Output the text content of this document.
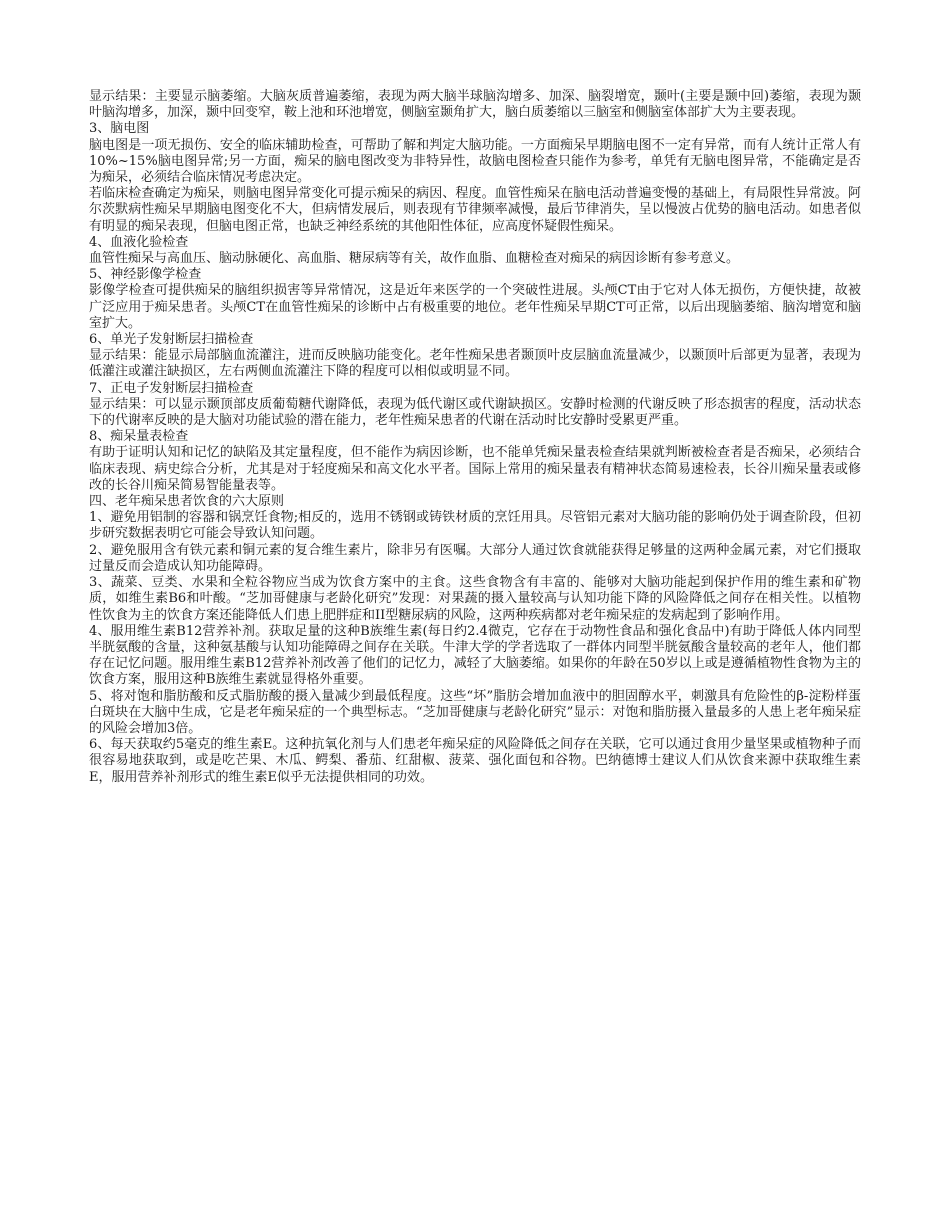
显示结果：主要显示脑萎缩。大脑灰质普遍萎缩，表现为两大脑半球脑沟增多、加深、脑裂增宽，颞叶(主要是颞中回)萎缩，表现为颞叶脑沟增多，加深，颞中回变窄，鞍上池和环池增宽，侧脑室颞角扩大，脑白质萎缩以三脑室和侧脑室体部扩大为主要表现。

3、脑电图

脑电图是一项无损伤、安全的临床辅助检查，可帮助了解和判定大脑功能。一方面痴呆早期脑电图不一定有异常，而有人统计正常人有10%~15%脑电图异常;另一方面，痴呆的脑电图改变为非特异性，故脑电图检查只能作为参考，单凭有无脑电图异常，不能确定是否为痴呆，必须结合临床情况考虑决定。

若临床检查确定为痴呆，则脑电图异常变化可提示痴呆的病因、程度。血管性痴呆在脑电活动普遍变慢的基础上，有局限性异常波。阿尔茨默病性痴呆早期脑电图变化不大，但病情发展后，则表现有节律频率减慢，最后节律消失，呈以慢波占优势的脑电活动。如患者似有明显的痴呆表现，但脑电图正常，也缺乏神经系统的其他阳性体征，应高度怀疑假性痴呆。

4、血液化验检查

血管性痴呆与高血压、脑动脉硬化、高血脂、糖尿病等有关，故作血脂、血糖检查对痴呆的病因诊断有参考意义。

5、神经影像学检查

影像学检查可提供痴呆的脑组织损害等异常情况，这是近年来医学的一个突破性进展。头颅CT由于它对人体无损伤，方便快捷，故被广泛应用于痴呆患者。头颅CT在血管性痴呆的诊断中占有极重要的地位。老年性痴呆早期CT可正常，以后出现脑萎缩、脑沟增宽和脑室扩大。

6、单光子发射断层扫描检查

显示结果：能显示局部脑血流灌注，进而反映脑功能变化。老年性痴呆患者颞顶叶皮层脑血流量减少，以颞顶叶后部更为显著，表现为低灌注或灌注缺损区，左右两侧血流灌注下降的程度可以相似或明显不同。

7、正电子发射断层扫描检查

显示结果：可以显示颞顶部皮质葡萄糖代谢降低，表现为低代谢区或代谢缺损区。安静时检测的代谢反映了形态损害的程度，活动状态下的代谢率反映的是大脑对功能试验的潜在能力，老年性痴呆患者的代谢在活动时比安静时受累更严重。

8、痴呆量表检查

有助于证明认知和记忆的缺陷及其定量程度，但不能作为病因诊断，也不能单凭痴呆量表检查结果就判断被检查者是否痴呆，必须结合临床表现、病史综合分析，尤其是对于轻度痴呆和高文化水平者。国际上常用的痴呆量表有精神状态简易速检表，长谷川痴呆量表或修改的长谷川痴呆简易智能量表等。

四、老年痴呆患者饮食的六大原则

1、避免用铝制的容器和锅烹饪食物;相反的，选用不锈钢或铸铁材质的烹饪用具。尽管铝元素对大脑功能的影响仍处于调查阶段，但初步研究数据表明它可能会导致认知问题。

2、避免服用含有铁元素和铜元素的复合维生素片，除非另有医嘱。大部分人通过饮食就能获得足够量的这两种金属元素，对它们摄取过量反而会造成认知功能障碍。

3、蔬菜、豆类、水果和全粒谷物应当成为饮食方案中的主食。这些食物含有丰富的、能够对大脑功能起到保护作用的维生素和矿物质，如维生素B6和叶酸。“芝加哥健康与老龄化研究”发现：对果蔬的摄入量较高与认知功能下降的风险降低之间存在相关性。以植物性饮食为主的饮食方案还能降低人们患上肥胖症和II型糖尿病的风险，这两种疾病都对老年痴呆症的发病起到了影响作用。

4、服用维生素B12营养补剂。获取足量的这种B族维生素(每日约2.4微克，它存在于动物性食品和强化食品中)有助于降低人体内同型半胱氨酸的含量，这种氨基酸与认知功能障碍之间存在关联。牛津大学的学者选取了一群体内同型半胱氨酸含量较高的老年人，他们都存在记忆问题。服用维生素B12营养补剂改善了他们的记忆力，减轻了大脑萎缩。如果你的年龄在50岁以上或是遵循植物性食物为主的饮食方案，服用这种B族维生素就显得格外重要。

5、将对饱和脂肪酸和反式脂肪酸的摄入量减少到最低程度。这些“坏”脂肪会增加血液中的胆固醇水平，刺激具有危险性的β-淀粉样蛋白斑块在大脑中生成，它是老年痴呆症的一个典型标志。“芝加哥健康与老龄化研究”显示：对饱和脂肪摄入量最多的人患上老年痴呆症的风险会增加3倍。

6、每天获取约5毫克的维生素E。这种抗氧化剂与人们患老年痴呆症的风险降低之间存在关联，它可以通过食用少量坚果或植物种子而很容易地获取到，或是吃芒果、木瓜、鳄梨、番茄、红甜椒、菠菜、强化面包和谷物。巴纳德博士建议人们从饮食来源中获取维生素E，服用营养补剂形式的维生素E似乎无法提供相同的功效。
